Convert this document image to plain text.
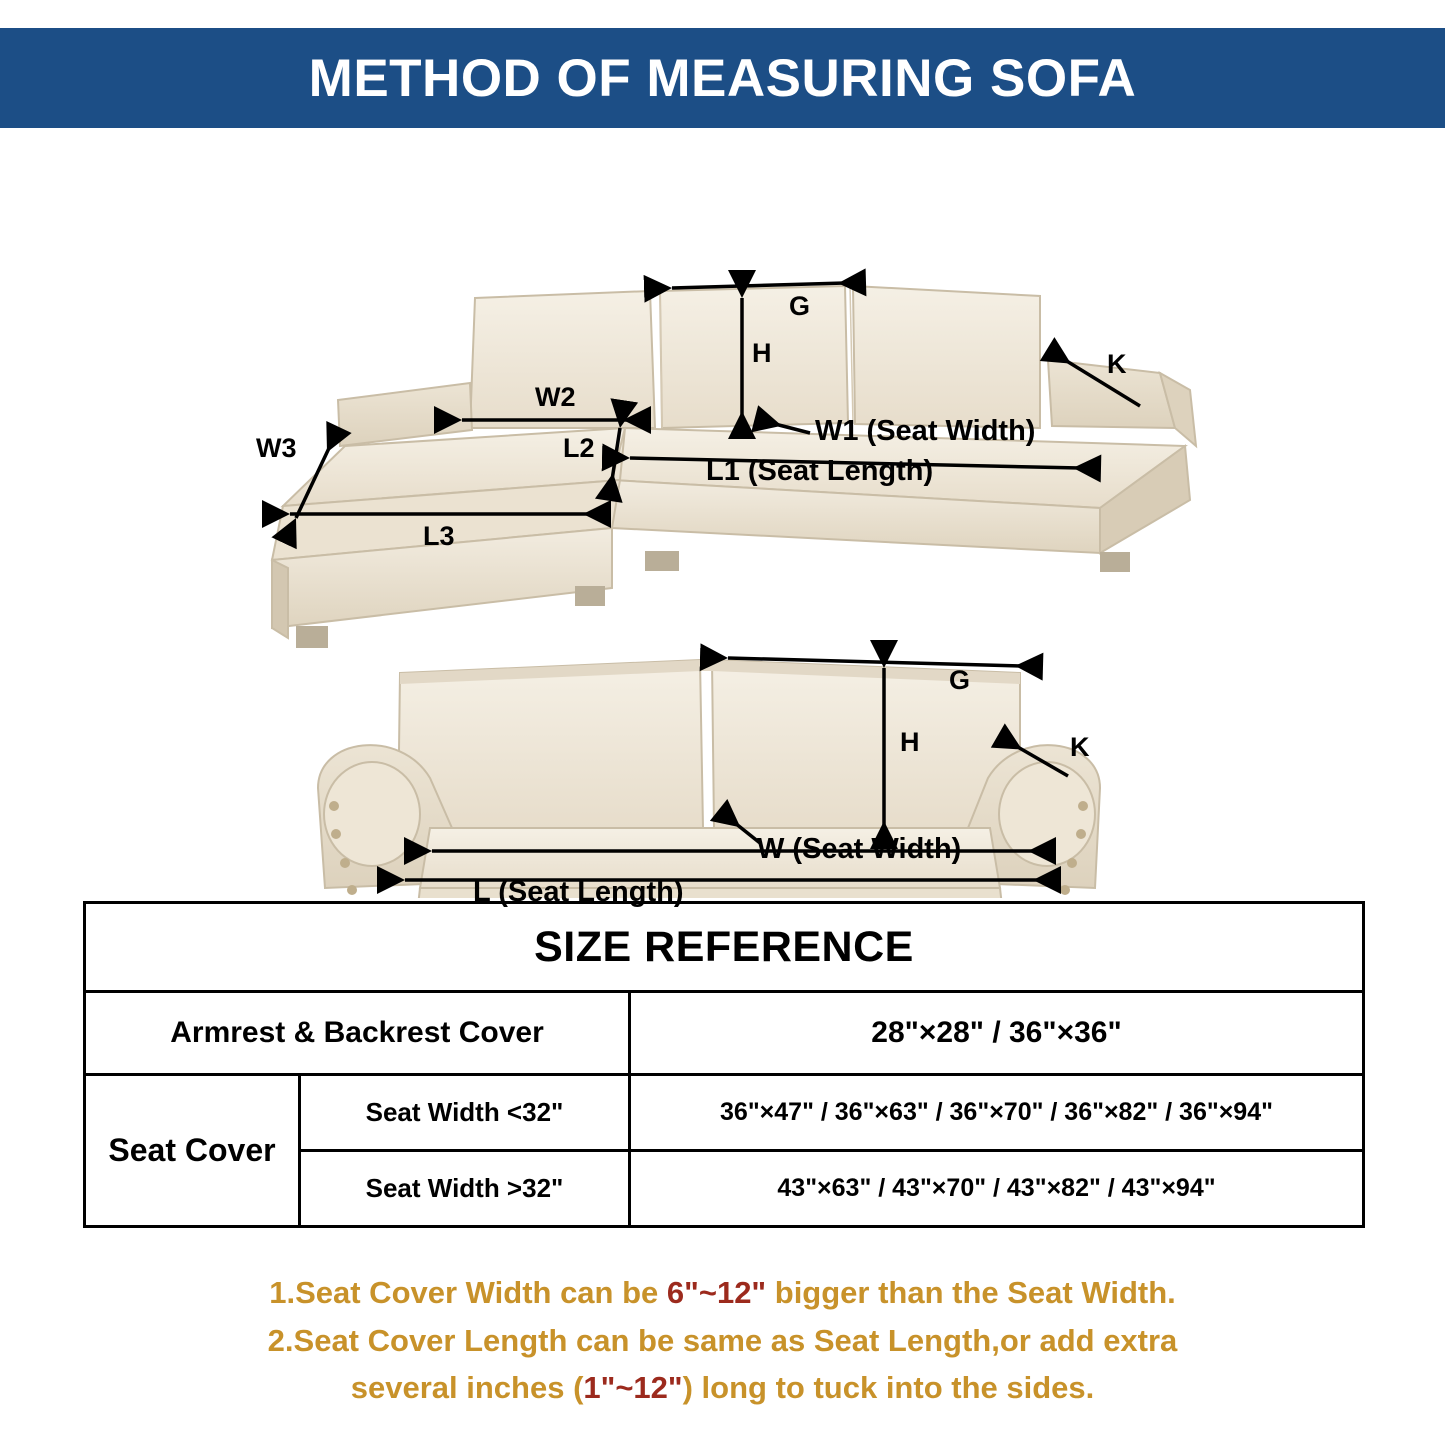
METHOD OF MEASURING SOFA
G
H	K
W2
W3	L2
L3
W1 (Seat Width)
L1 (Seat Length)
G
H	K
W (Seat Width)
L (Seat Length)
SIZE REFERENCE		
Armrest & Backrest Cover		28"×28" / 36"×36"
Seat Cover	Seat Width <32"	36"×47" / 36"×63" / 36"×70" / 36"×82" / 36"×94"
	Seat Width >32"	43"×63" / 43"×70" / 43"×82" / 43"×94"
1.Seat Cover Width can be 6"~12" bigger than the Seat Width.
2.Seat Cover Length can be same as Seat Length,or add extra
several inches (1"~12") long to tuck into the sides.
